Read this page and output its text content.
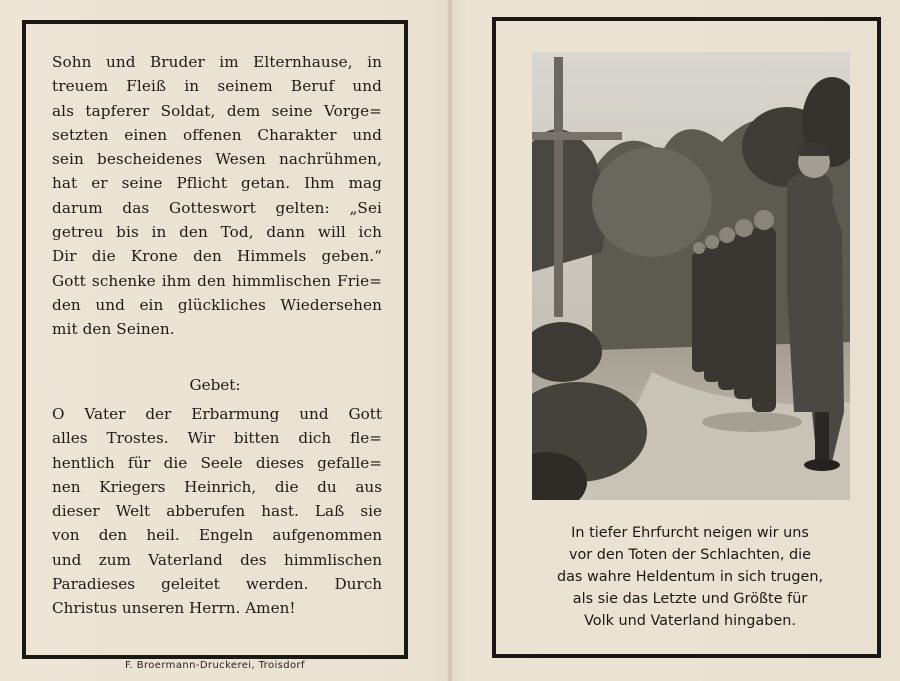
Sohn und Bruder im Elternhause, in
treuem Fleiß in seinem Beruf und
als tapferer Soldat, dem seine Vorge=
setzten einen offenen Charakter und
sein bescheidenes Wesen nachrühmen,
hat er seine Pflicht getan. Ihm mag
darum das Gotteswort gelten: „Sei
getreu bis in den Tod, dann will ich
Dir die Krone den Himmels geben.“
Gott schenke ihm den himmlischen Frie=
den und ein glückliches Wiedersehen
mit den Seinen.
Gebet:
O Vater der Erbarmung und Gott
alles Trostes. Wir bitten dich fle=
hentlich für die Seele dieses gefalle=
nen Kriegers Heinrich, die du aus
dieser Welt abberufen hast. Laß sie
von den heil. Engeln aufgenommen
und zum Vaterland des himmlischen
Paradieses geleitet werden. Durch
Christus unseren Herrn. Amen!
F. Broermann-Druckerei, Troisdorf
In tiefer Ehrfurcht neigen wir uns
vor den Toten der Schlachten, die
das wahre Heldentum in sich trugen,
als sie das Letzte und Größte für
Volk und Vaterland hingaben.
